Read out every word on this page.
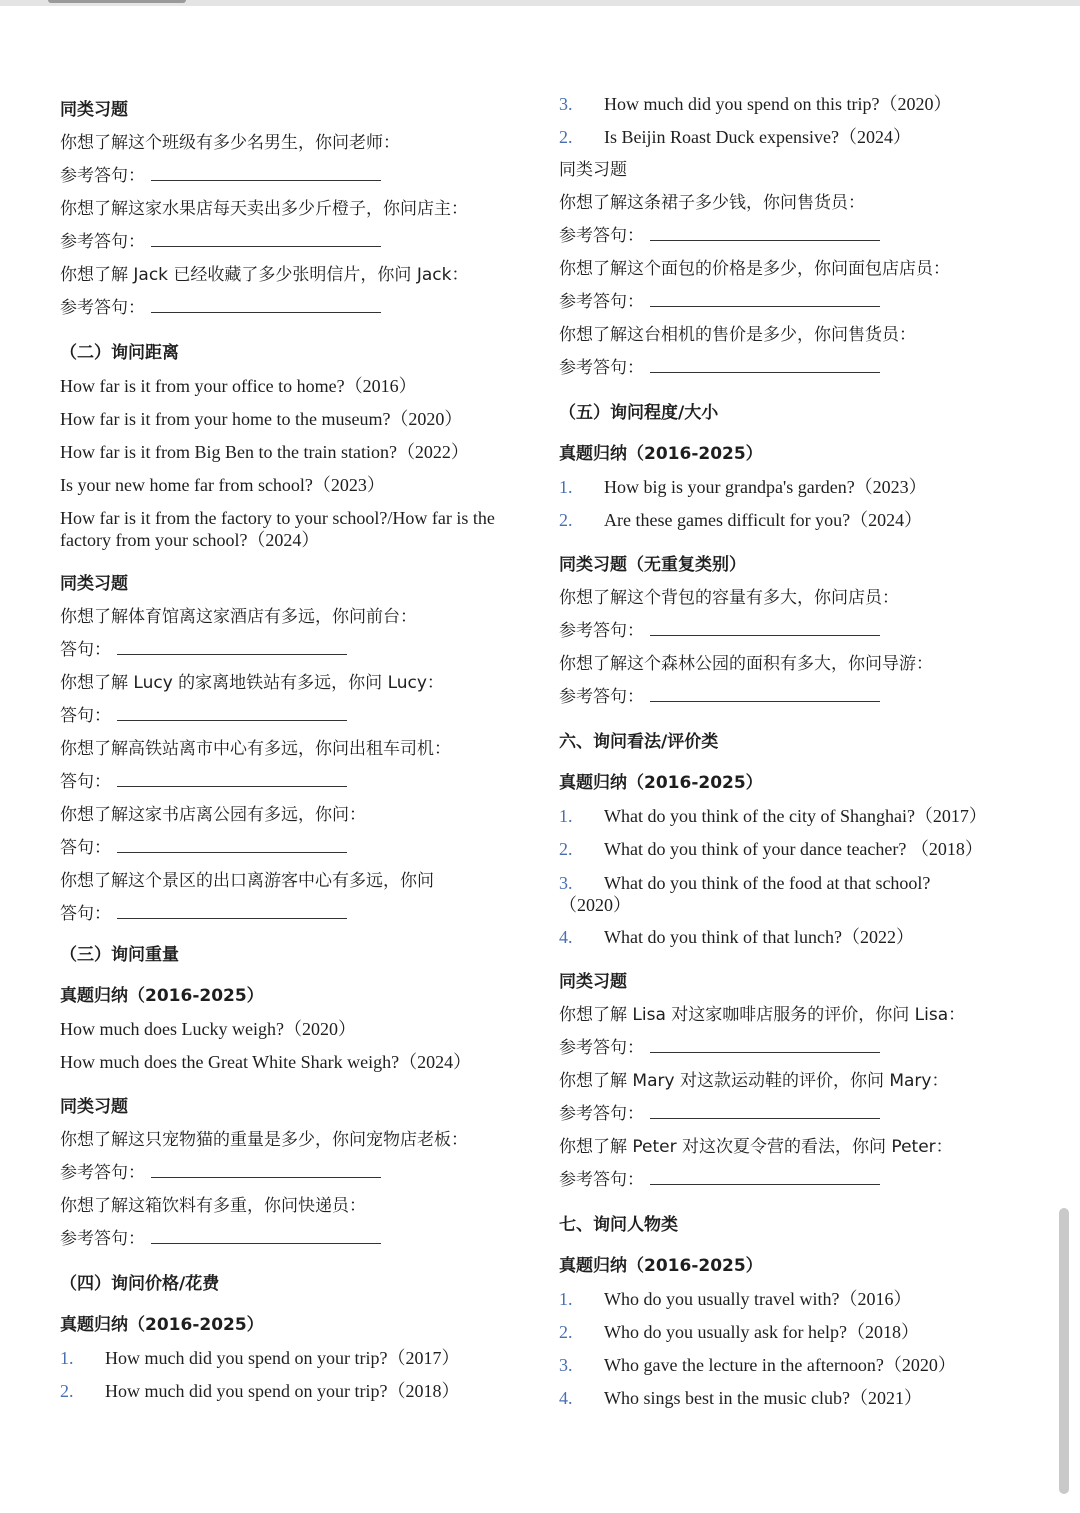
同类习题
你想了解这个班级有多少名男生，你问老师：
参考答句：
你想了解这家水果店每天卖出多少斤橙子，你问店主：
参考答句：
你想了解 Jack 已经收藏了多少张明信片，你问 Jack：
参考答句：
（二）询问距离
How far is it from your office to home?（2016）
How far is it from your home to the museum?（2020）
How far is it from Big Ben to the train station?（2022）
Is your new home far from school?（2023）
How far is it from the factory to your school?/How far is the factory from your school?（2024）
同类习题
你想了解体育馆离这家酒店有多远，你问前台：
答句：
你想了解 Lucy 的家离地铁站有多远，你问 Lucy：
答句：
你想了解高铁站离市中心有多远，你问出租车司机：
答句：
你想了解这家书店离公园有多远，你问：
答句：
你想了解这个景区的出口离游客中心有多远，你问
答句：
（三）询问重量
真题归纳（2016-2025）
How much does Lucky weigh?（2020）
How much does the Great White Shark weigh?（2024）
同类习题
你想了解这只宠物猫的重量是多少，你问宠物店老板：
参考答句：
你想了解这箱饮料有多重，你问快递员：
参考答句：
（四）询问价格/花费
真题归纳（2016-2025）
1. How much did you spend on your trip?（2017）
2. How much did you spend on your trip?（2018）
3. How much did you spend on this trip?（2020）
2. Is Beijin Roast Duck expensive?（2024）
同类习题
你想了解这条裙子多少钱，你问售货员：
参考答句：
你想了解这个面包的价格是多少，你问面包店店员：
参考答句：
你想了解这台相机的售价是多少，你问售货员：
参考答句：
（五）询问程度/大小
真题归纳（2016-2025）
1. How big is your grandpa's garden?（2023）
2. Are these games difficult for you?（2024）
同类习题（无重复类别）
你想了解这个背包的容量有多大，你问店员：
参考答句：
你想了解这个森林公园的面积有多大，你问导游：
参考答句：
六、询问看法/评价类
真题归纳（2016-2025）
1. What do you think of the city of Shanghai?（2017）
2. What do you think of your dance teacher? （2018）
3. What do you think of the food at that school?
（2020）
4. What do you think of that lunch?（2022）
同类习题
你想了解 Lisa 对这家咖啡店服务的评价，你问 Lisa：
参考答句：
你想了解 Mary 对这款运动鞋的评价，你问 Mary：
参考答句：
你想了解 Peter 对这次夏令营的看法，你问 Peter：
参考答句：
七、询问人物类
真题归纳（2016-2025）
1. Who do you usually travel with?（2016）
2. Who do you usually ask for help?（2018）
3. Who gave the lecture in the afternoon?（2020）
4. Who sings best in the music club?（2021）
